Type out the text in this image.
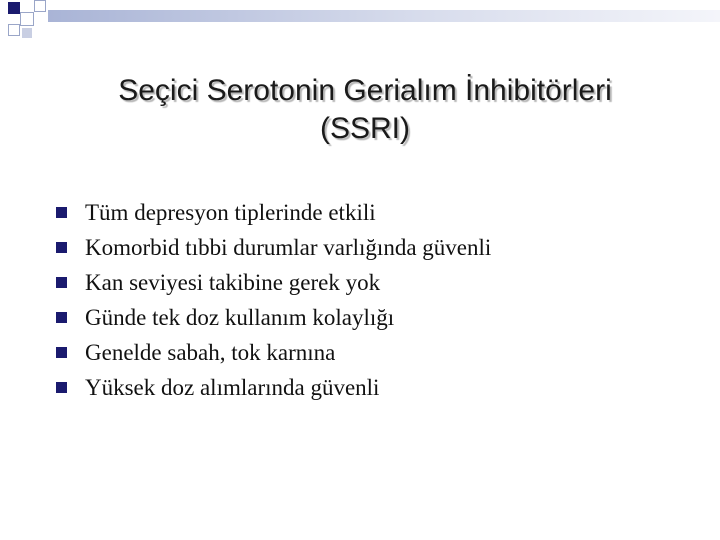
Seçici Serotonin Gerialım İnhibitörleri
(SSRI)
Tüm depresyon tiplerinde etkili
Komorbid tıbbi durumlar varlığında güvenli
Kan seviyesi takibine gerek yok
Günde tek doz kullanım kolaylığı
Genelde sabah, tok karnına
Yüksek doz alımlarında güvenli
